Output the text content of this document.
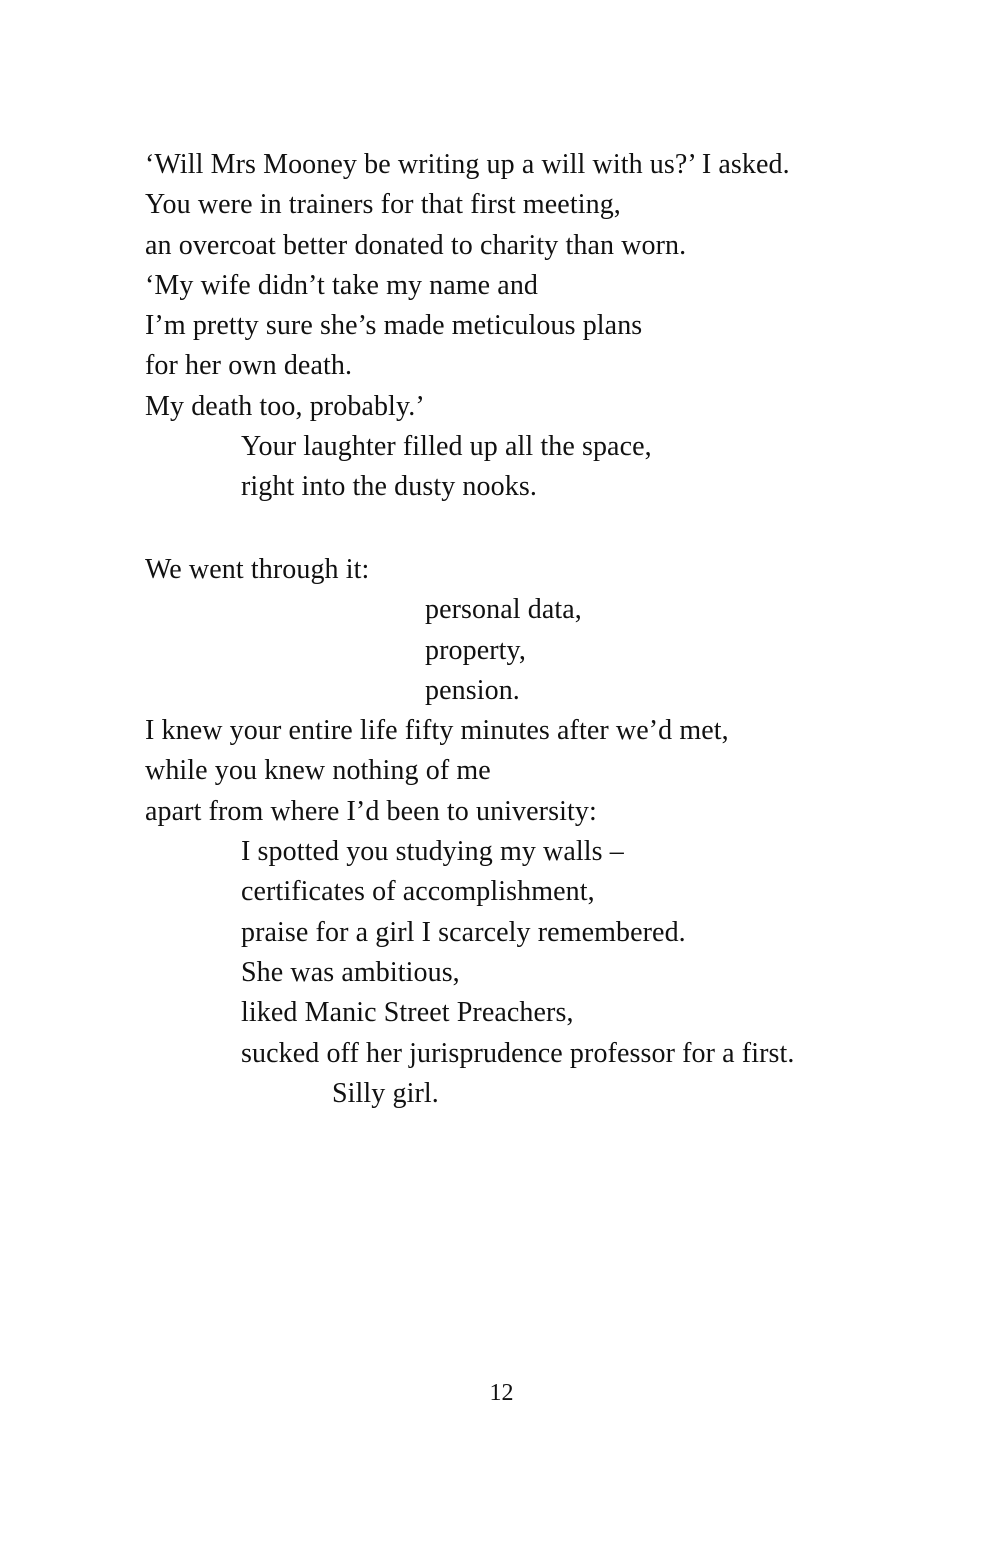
‘Will Mrs Mooney be writing up a will with us?’ I asked.
You were in trainers for that first meeting,
an overcoat better donated to charity than worn.
‘My wife didn’t take my name and
I’m pretty sure she’s made meticulous plans
for her own death.
My death too, probably.’
Your laughter filled up all the space,
right into the dusty nooks.
We went through it:
personal data,
property,
pension.
I knew your entire life fifty minutes after we’d met,
while you knew nothing of me
apart from where I’d been to university:
I spotted you studying my walls –
certificates of accomplishment,
praise for a girl I scarcely remembered.
She was ambitious,
liked Manic Street Preachers,
sucked off her jurisprudence professor for a first.
Silly girl.
12
